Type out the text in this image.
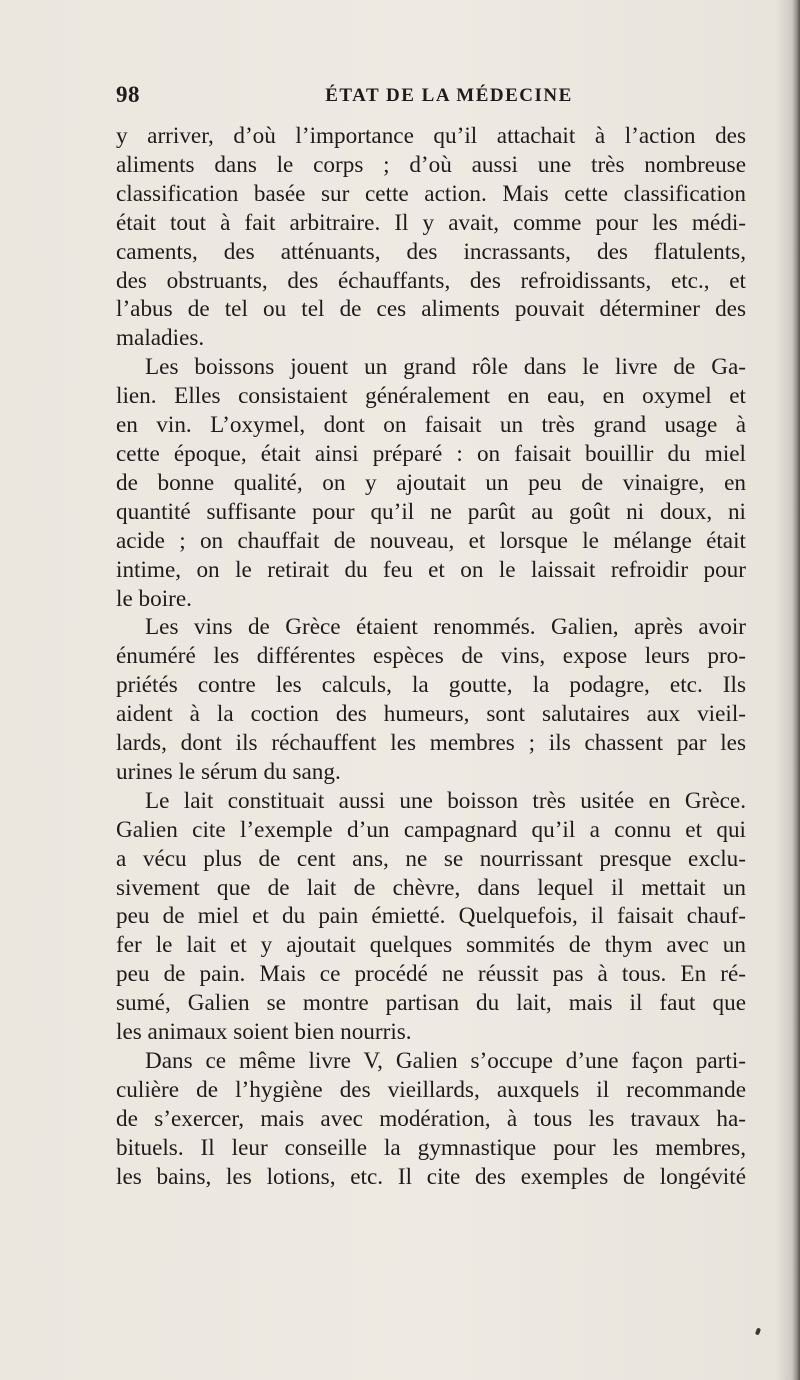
98	ÉTAT DE LA MÉDECINE
y arriver, d’où l’importance qu’il attachait à l’action des
aliments dans le corps ; d’où aussi une très nombreuse
classification basée sur cette action. Mais cette classification
était tout à fait arbitraire. Il y avait, comme pour les médi-
caments, des atténuants, des incrassants, des flatulents,
des obstruants, des échauffants, des refroidissants, etc., et
l’abus de tel ou tel de ces aliments pouvait déterminer des
maladies.
Les boissons jouent un grand rôle dans le livre de Ga-
lien. Elles consistaient généralement en eau, en oxymel et
en vin. L’oxymel, dont on faisait un très grand usage à
cette époque, était ainsi préparé : on faisait bouillir du miel
de bonne qualité, on y ajoutait un peu de vinaigre, en
quantité suffisante pour qu’il ne parût au goût ni doux, ni
acide ; on chauffait de nouveau, et lorsque le mélange était
intime, on le retirait du feu et on le laissait refroidir pour
le boire.
Les vins de Grèce étaient renommés. Galien, après avoir
énuméré les différentes espèces de vins, expose leurs pro-
priétés contre les calculs, la goutte, la podagre, etc. Ils
aident à la coction des humeurs, sont salutaires aux vieil-
lards, dont ils réchauffent les membres ; ils chassent par les
urines le sérum du sang.
Le lait constituait aussi une boisson très usitée en Grèce.
Galien cite l’exemple d’un campagnard qu’il a connu et qui
a vécu plus de cent ans, ne se nourrissant presque exclu-
sivement que de lait de chèvre, dans lequel il mettait un
peu de miel et du pain émietté. Quelquefois, il faisait chauf-
fer le lait et y ajoutait quelques sommités de thym avec un
peu de pain. Mais ce procédé ne réussit pas à tous. En ré-
sumé, Galien se montre partisan du lait, mais il faut que
les animaux soient bien nourris.
Dans ce même livre V, Galien s’occupe d’une façon parti-
culière de l’hygiène des vieillards, auxquels il recommande
de s’exercer, mais avec modération, à tous les travaux ha-
bituels. Il leur conseille la gymnastique pour les membres,
les bains, les lotions, etc. Il cite des exemples de longévité
